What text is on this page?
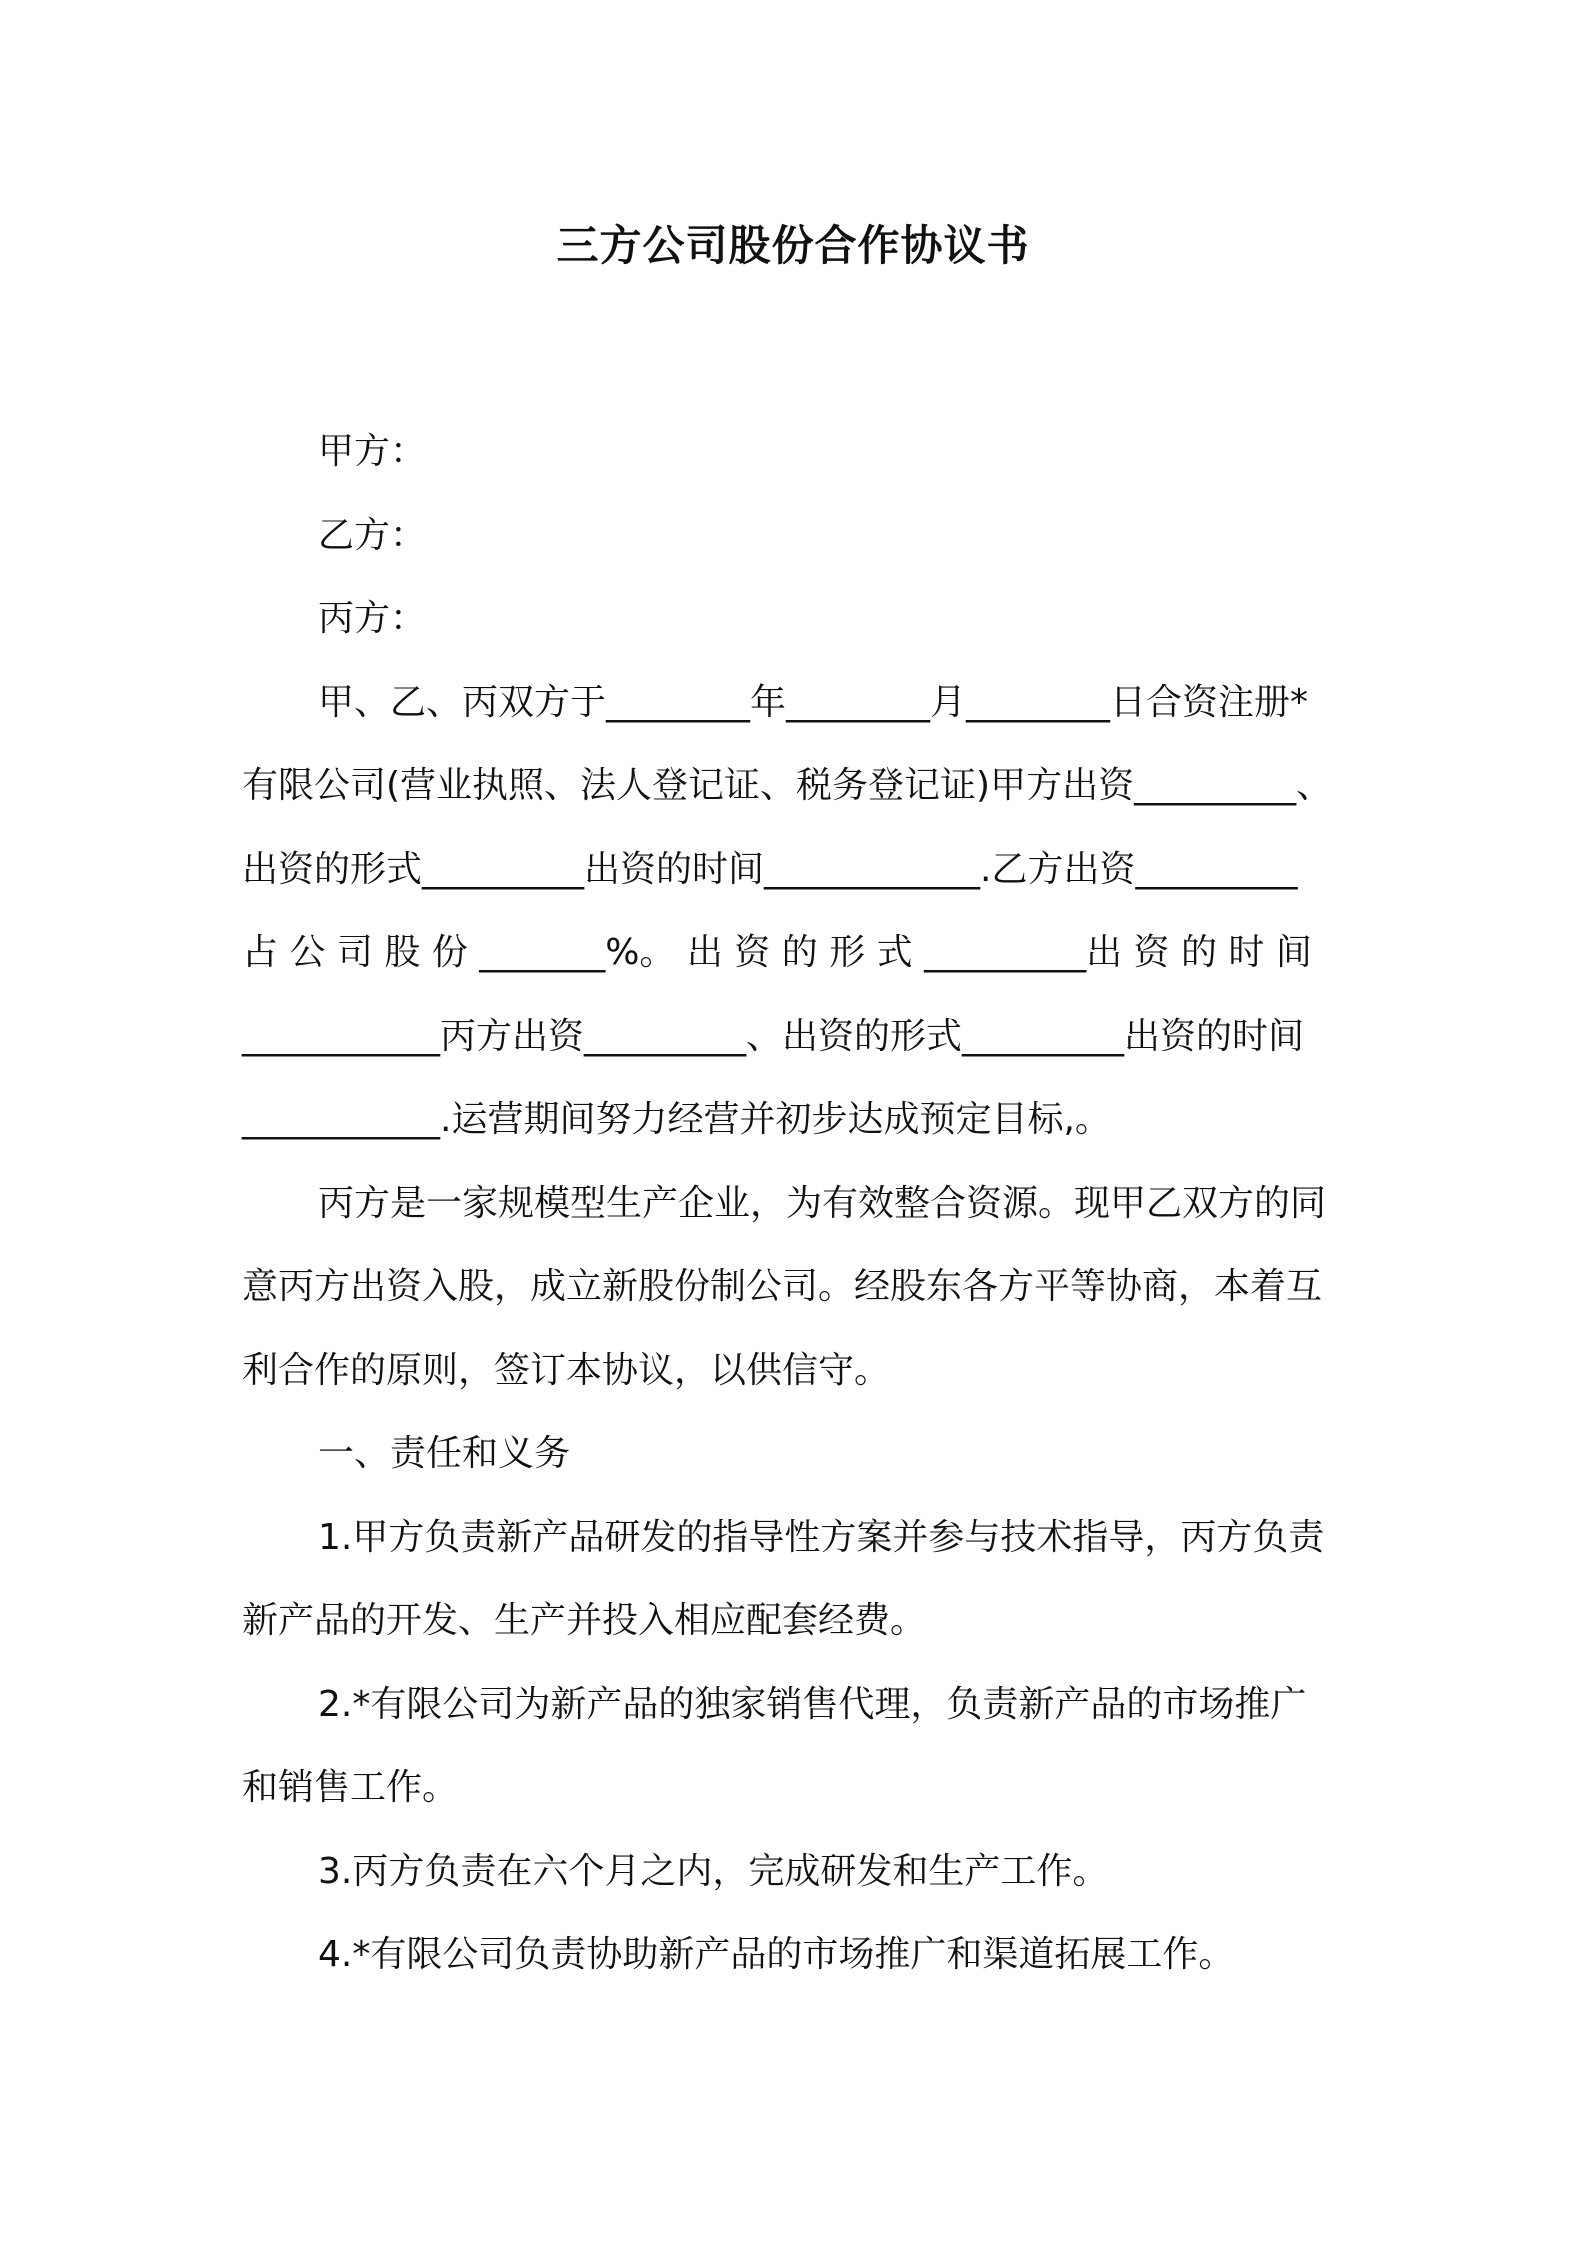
三方公司股份合作协议书

甲方：

乙方：

丙方：

甲、乙、丙双方于________年________月________日合资注册*

有限公司(营业执照、法人登记证、税务登记证)甲方出资_________、

出资的形式_________出资的时间____________.乙方出资_________

占 公 司 股 份 _______%。 出 资 的 形 式 _________出 资 的 时 间

___________丙方出资_________、出资的形式_________出资的时间

___________.运营期间努力经营并初步达成预定目标,。

丙方是一家规模型生产企业，为有效整合资源。现甲乙双方的同

意丙方出资入股，成立新股份制公司。经股东各方平等协商，本着互

利合作的原则，签订本协议，以供信守。

一、责任和义务

1.甲方负责新产品研发的指导性方案并参与技术指导，丙方负责

新产品的开发、生产并投入相应配套经费。

2.*有限公司为新产品的独家销售代理，负责新产品的市场推广

和销售工作。

3.丙方负责在六个月之内，完成研发和生产工作。

4.*有限公司负责协助新产品的市场推广和渠道拓展工作。
